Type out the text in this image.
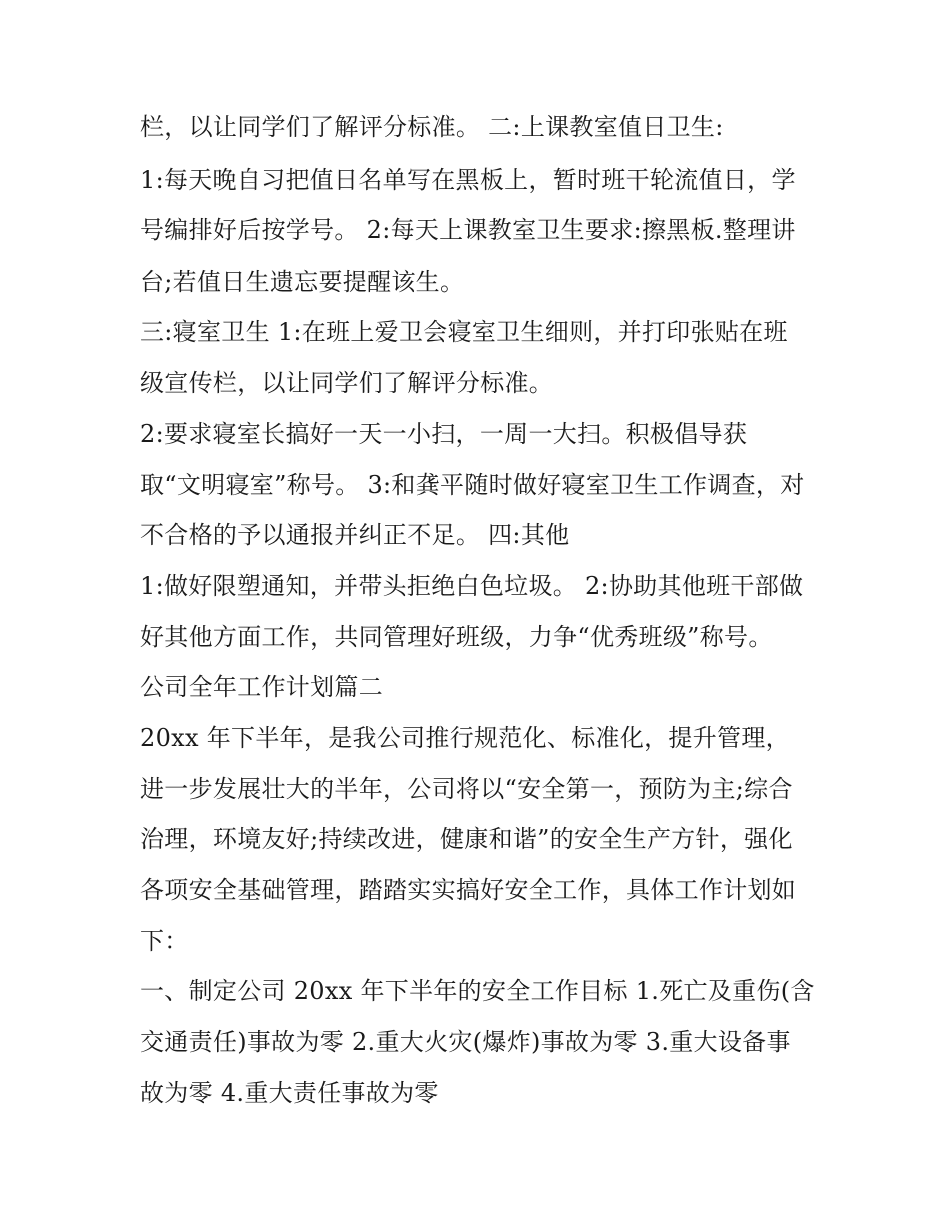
栏，以让同学们了解评分标准。 二:上课教室值日卫生:
1:每天晚自习把值日名单写在黑板上，暂时班干轮流值日，学
号编排好后按学号。 2:每天上课教室卫生要求:擦黑板.整理讲
台;若值日生遗忘要提醒该生。
三:寝室卫生 1:在班上爱卫会寝室卫生细则，并打印张贴在班
级宣传栏，以让同学们了解评分标准。
2:要求寝室长搞好一天一小扫，一周一大扫。积极倡导获
取“文明寝室”称号。 3:和龚平随时做好寝室卫生工作调查，对
不合格的予以通报并纠正不足。 四:其他
1:做好限塑通知，并带头拒绝白色垃圾。 2:协助其他班干部做
好其他方面工作，共同管理好班级，力争“优秀班级”称号。
公司全年工作计划篇二
20xx 年下半年，是我公司推行规范化、标准化，提升管理，
进一步发展壮大的半年，公司将以“安全第一，预防为主;综合
治理，环境友好;持续改进，健康和谐”的安全生产方针，强化
各项安全基础管理，踏踏实实搞好安全工作，具体工作计划如
下：
一、制定公司 20xx 年下半年的安全工作目标 1.死亡及重伤(含
交通责任)事故为零 2.重大火灾(爆炸)事故为零 3.重大设备事
故为零 4.重大责任事故为零
